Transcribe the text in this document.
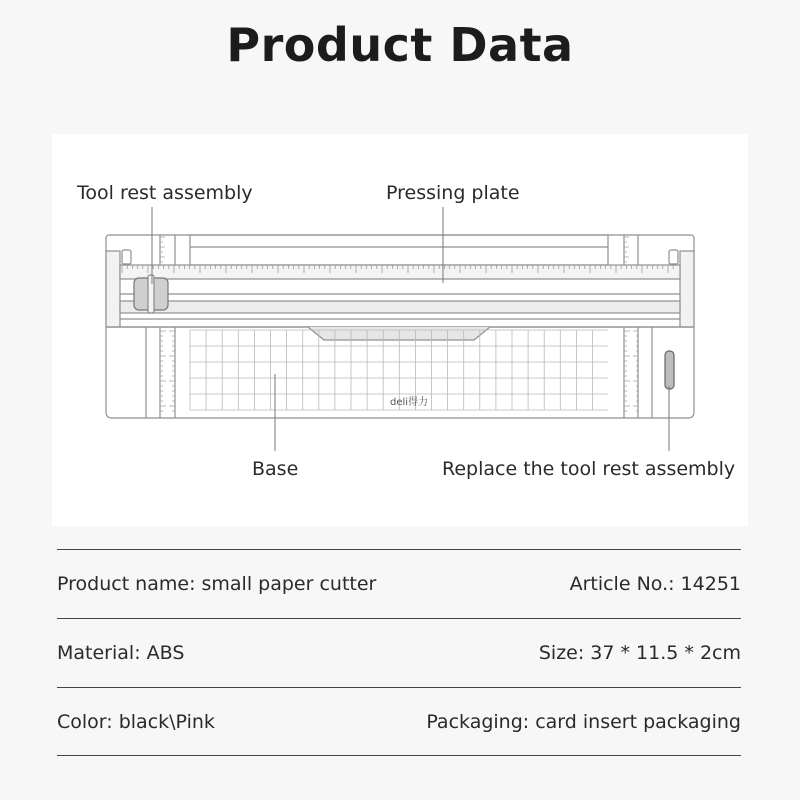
Product Data
deli得力
Tool rest assembly	Pressing plate
Base	Replace the tool rest assembly
Product name: small paper cutter	Article No.: 14251
Material: ABS	Size: 37 * 11.5 * 2cm
Color: black\Pink	Packaging: card insert packaging
